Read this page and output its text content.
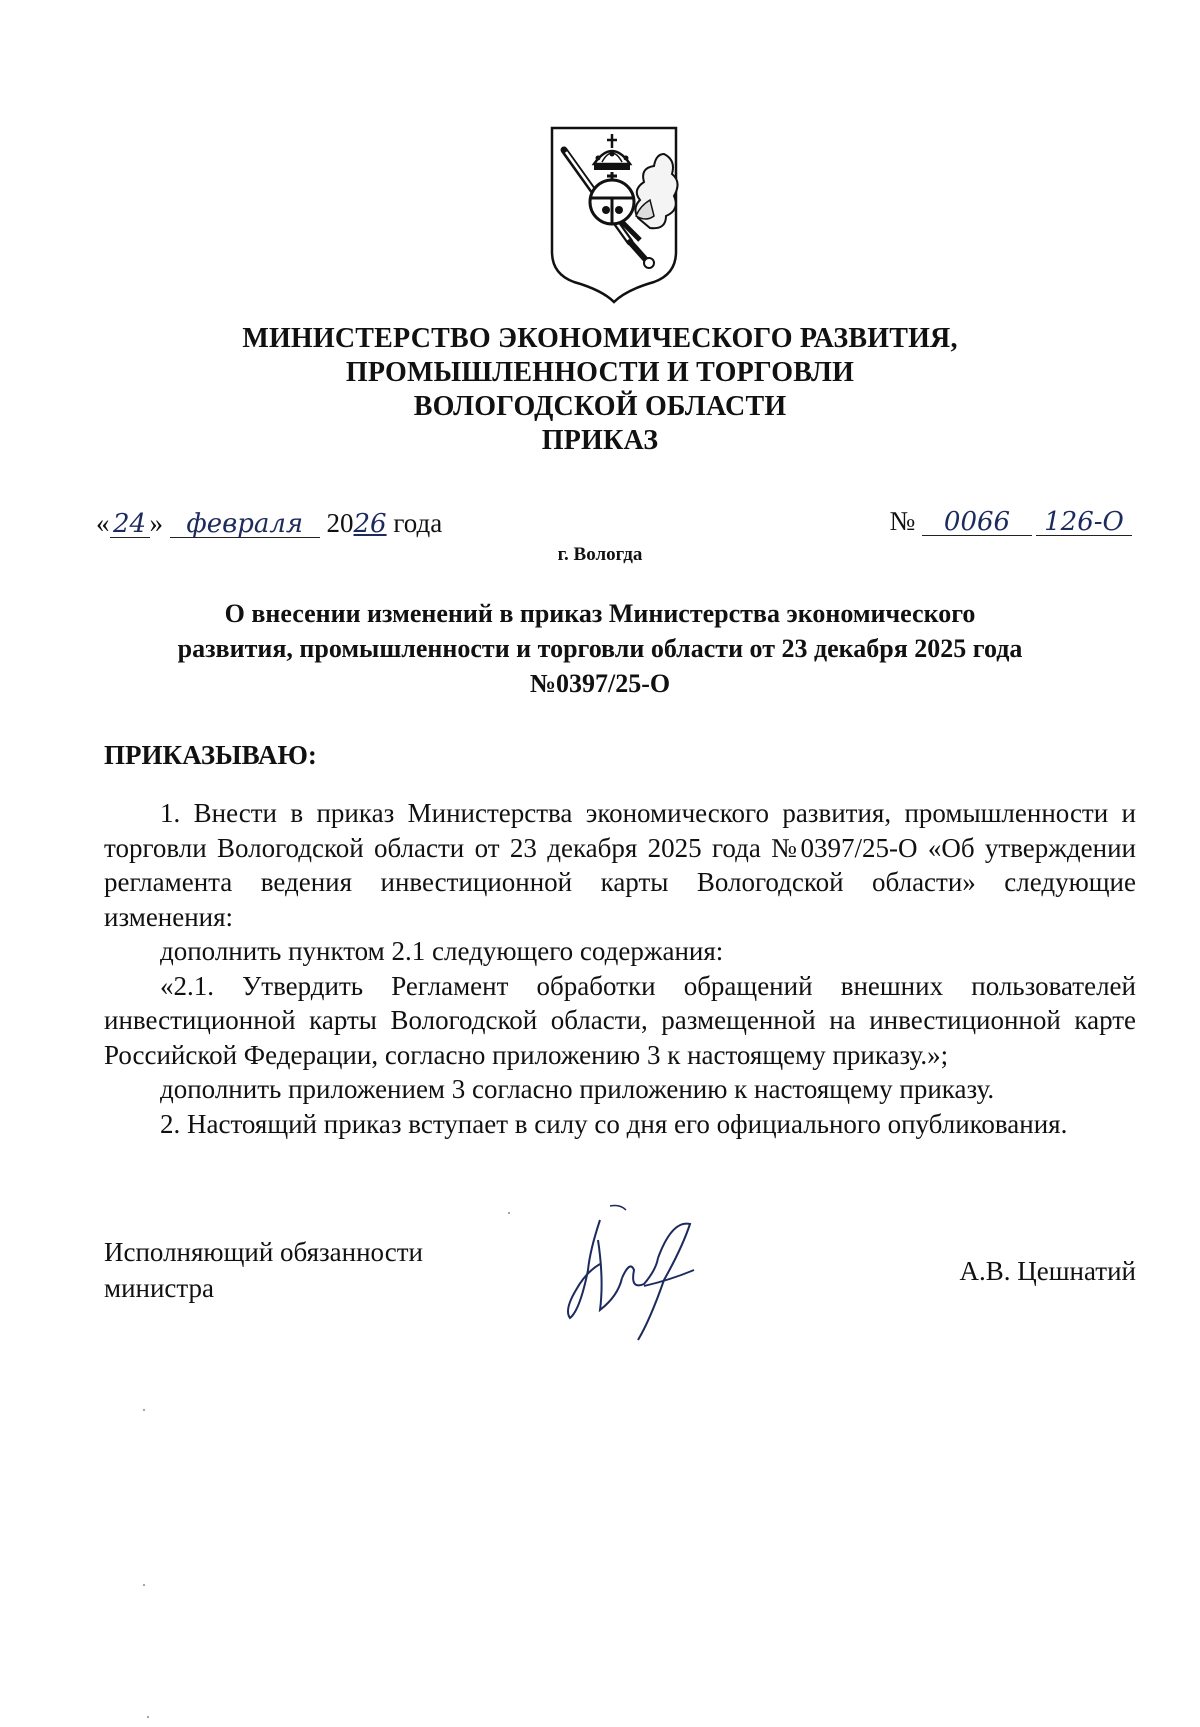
МИНИСТЕРСТВО ЭКОНОМИЧЕСКОГО РАЗВИТИЯ,
ПРОМЫШЛЕННОСТИ И ТОРГОВЛИ
ВОЛОГОДСКОЙ ОБЛАСТИ
ПРИКАЗ
« 24 » февраля 2026 года	№ 0066 126-О
г. Вологда
О внесении изменений в приказ Министерства экономического
развития, промышленности и торговли области от 23 декабря 2025 года
№0397/25-О
ПРИКАЗЫВАЮ:

1. Внести в приказ Министерства экономического развития, промышленности и торговли Вологодской области от 23 декабря 2025 года №0397/25-О «Об утверждении регламента ведения инвестиционной карты Вологодской области» следующие изменения:

дополнить пунктом 2.1 следующего содержания:

«2.1. Утвердить Регламент обработки обращений внешних пользователей инвестиционной карты Вологодской области, размещенной на инвестиционной карте Российской Федерации, согласно приложению 3 к настоящему приказу.»;

дополнить приложением 3 согласно приложению к настоящему приказу.

2. Настоящий приказ вступает в силу со дня его официального опубликования.

Исполняющий обязанности
министра
А.В. Цешнатий
